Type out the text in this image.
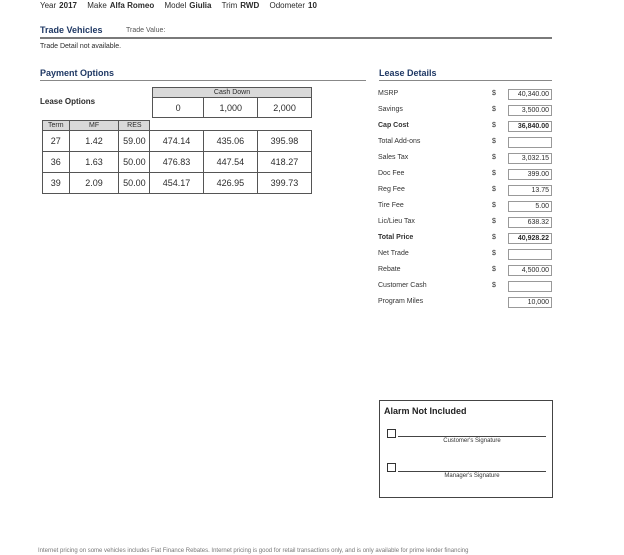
Year 2017 Make Alfa Romeo Model Giulia Trim RWD Odometer 10
Trade Vehicles	Trade Value:
Trade Detail not available.
Payment Options
Lease Options
Cash Down
0	1,000	2,000
Term	MF	RES			
27	1.42	59.00	474.14	435.06	395.98
36	1.63	50.00	476.83	447.54	418.27
39	2.09	50.00	454.17	426.95	399.73
Lease Details
MSRP	$	40,340.00
Savings	$	3,500.00
Cap Cost	$	36,840.00
Total Add-ons	$
Sales Tax	$	3,032.15
Doc Fee	$	399.00
Reg Fee	$	13.75
Tire Fee	$	5.00
Lic/Lieu Tax	$	638.32
Total Price	$	40,928.22
Net Trade	$
Rebate	$	4,500.00
Customer Cash	$
Program Miles	10,000
Alarm Not Included
Customer's Signature
Manager's Signature
Internet pricing on some vehicles includes Fiat Finance Rebates. Internet pricing is good for retail transactions only, and is only available for prime lender financing
